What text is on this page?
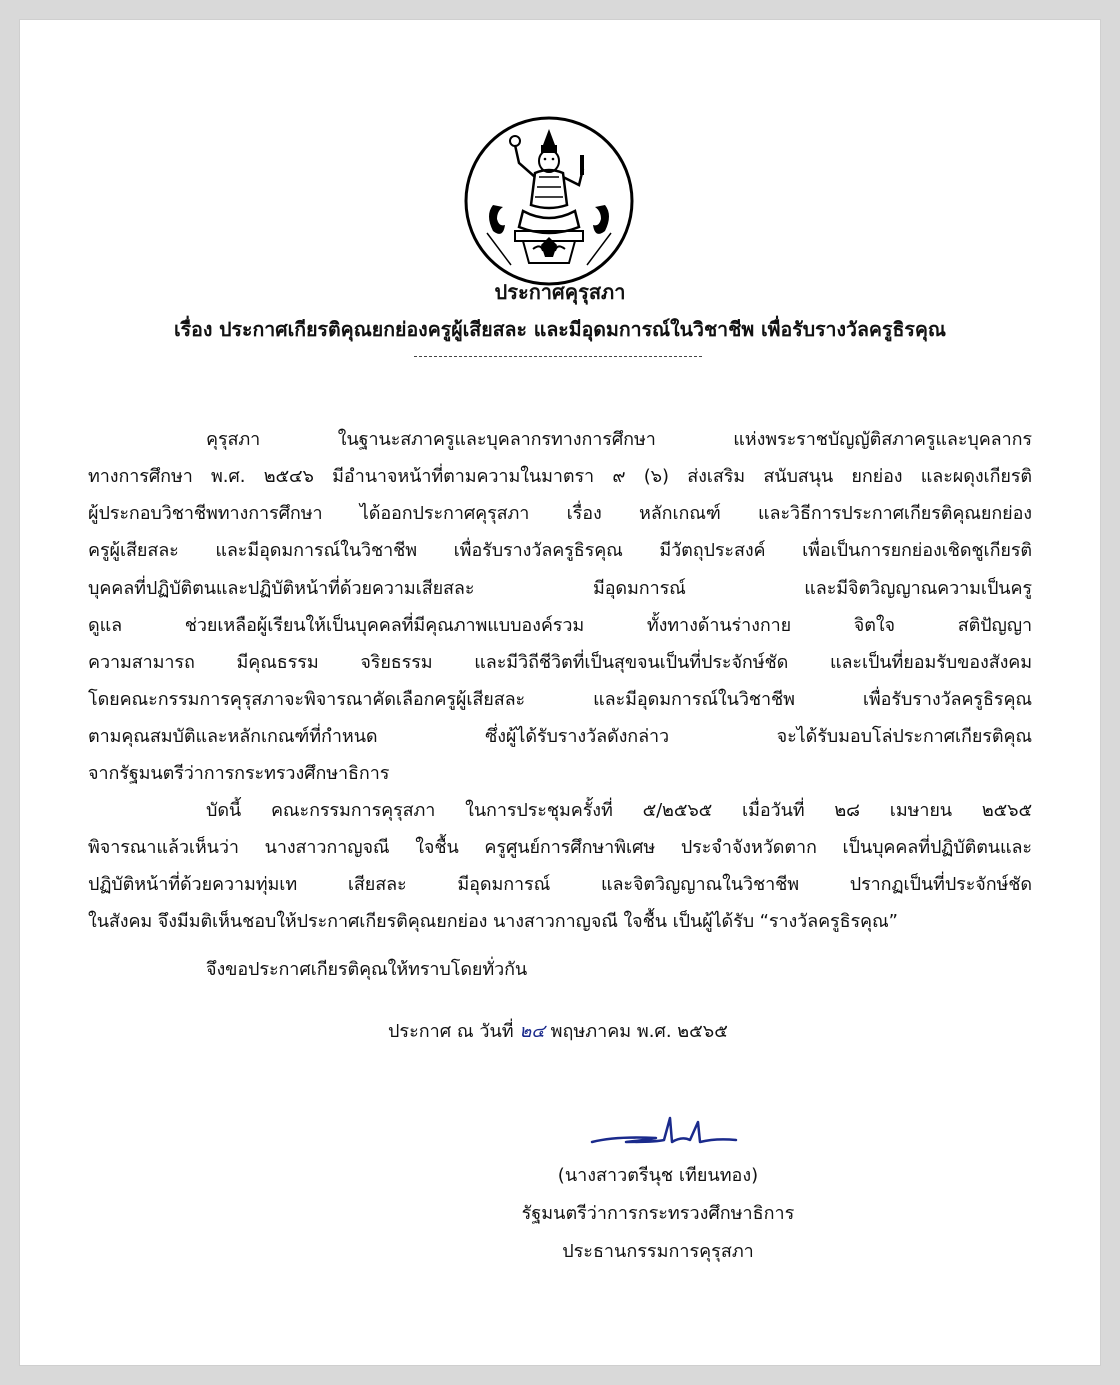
ประกาศคุรุสภา
เรื่อง ประกาศเกียรติคุณยกย่องครูผู้เสียสละ และมีอุดมการณ์ในวิชาชีพ เพื่อรับรางวัลครูธิรคุณ
คุรุสภา ในฐานะสภาครูและบุคลากรทางการศึกษา แห่งพระราชบัญญัติสภาครูและบุคลากร
ทางการศึกษา พ.ศ. ๒๕๔๖ มีอำนาจหน้าที่ตามความในมาตรา ๙ (๖) ส่งเสริม สนับสนุน ยกย่อง และผดุงเกียรติ
ผู้ประกอบวิชาชีพทางการศึกษา ได้ออกประกาศคุรุสภา เรื่อง หลักเกณฑ์ และวิธีการประกาศเกียรติคุณยกย่อง
ครูผู้เสียสละ และมีอุดมการณ์ในวิชาชีพ เพื่อรับรางวัลครูธิรคุณ มีวัตถุประสงค์ เพื่อเป็นการยกย่องเชิดชูเกียรติ
บุคคลที่ปฏิบัติตนและปฏิบัติหน้าที่ด้วยความเสียสละ มีอุดมการณ์ และมีจิตวิญญาณความเป็นครู
ดูแล ช่วยเหลือผู้เรียนให้เป็นบุคคลที่มีคุณภาพแบบองค์รวม ทั้งทางด้านร่างกาย จิตใจ สติปัญญา
ความสามารถ มีคุณธรรม จริยธรรม และมีวิถีชีวิตที่เป็นสุขจนเป็นที่ประจักษ์ชัด และเป็นที่ยอมรับของสังคม
โดยคณะกรรมการคุรุสภาจะพิจารณาคัดเลือกครูผู้เสียสละ และมีอุดมการณ์ในวิชาชีพ เพื่อรับรางวัลครูธิรคุณ
ตามคุณสมบัติและหลักเกณฑ์ที่กำหนด ซึ่งผู้ได้รับรางวัลดังกล่าว จะได้รับมอบโล่ประกาศเกียรติคุณ
จากรัฐมนตรีว่าการกระทรวงศึกษาธิการ
บัดนี้ คณะกรรมการคุรุสภา ในการประชุมครั้งที่ ๕/๒๕๖๕ เมื่อวันที่ ๒๘ เมษายน ๒๕๖๕
พิจารณาแล้วเห็นว่า นางสาวกาญจณี ใจชื้น ครูศูนย์การศึกษาพิเศษ ประจำจังหวัดตาก เป็นบุคคลที่ปฏิบัติตนและ
ปฏิบัติหน้าที่ด้วยความทุ่มเท เสียสละ มีอุดมการณ์ และจิตวิญญาณในวิชาชีพ ปรากฏเป็นที่ประจักษ์ชัด
ในสังคม จึงมีมติเห็นชอบให้ประกาศเกียรติคุณยกย่อง นางสาวกาญจณี ใจชื้น เป็นผู้ได้รับ “รางวัลครูธิรคุณ”
จึงขอประกาศเกียรติคุณให้ทราบโดยทั่วกัน
ประกาศ ณ วันที่ ๒๔ พฤษภาคม พ.ศ. ๒๕๖๕
(นางสาวตรีนุช เทียนทอง)
รัฐมนตรีว่าการกระทรวงศึกษาธิการ
ประธานกรรมการคุรุสภา
